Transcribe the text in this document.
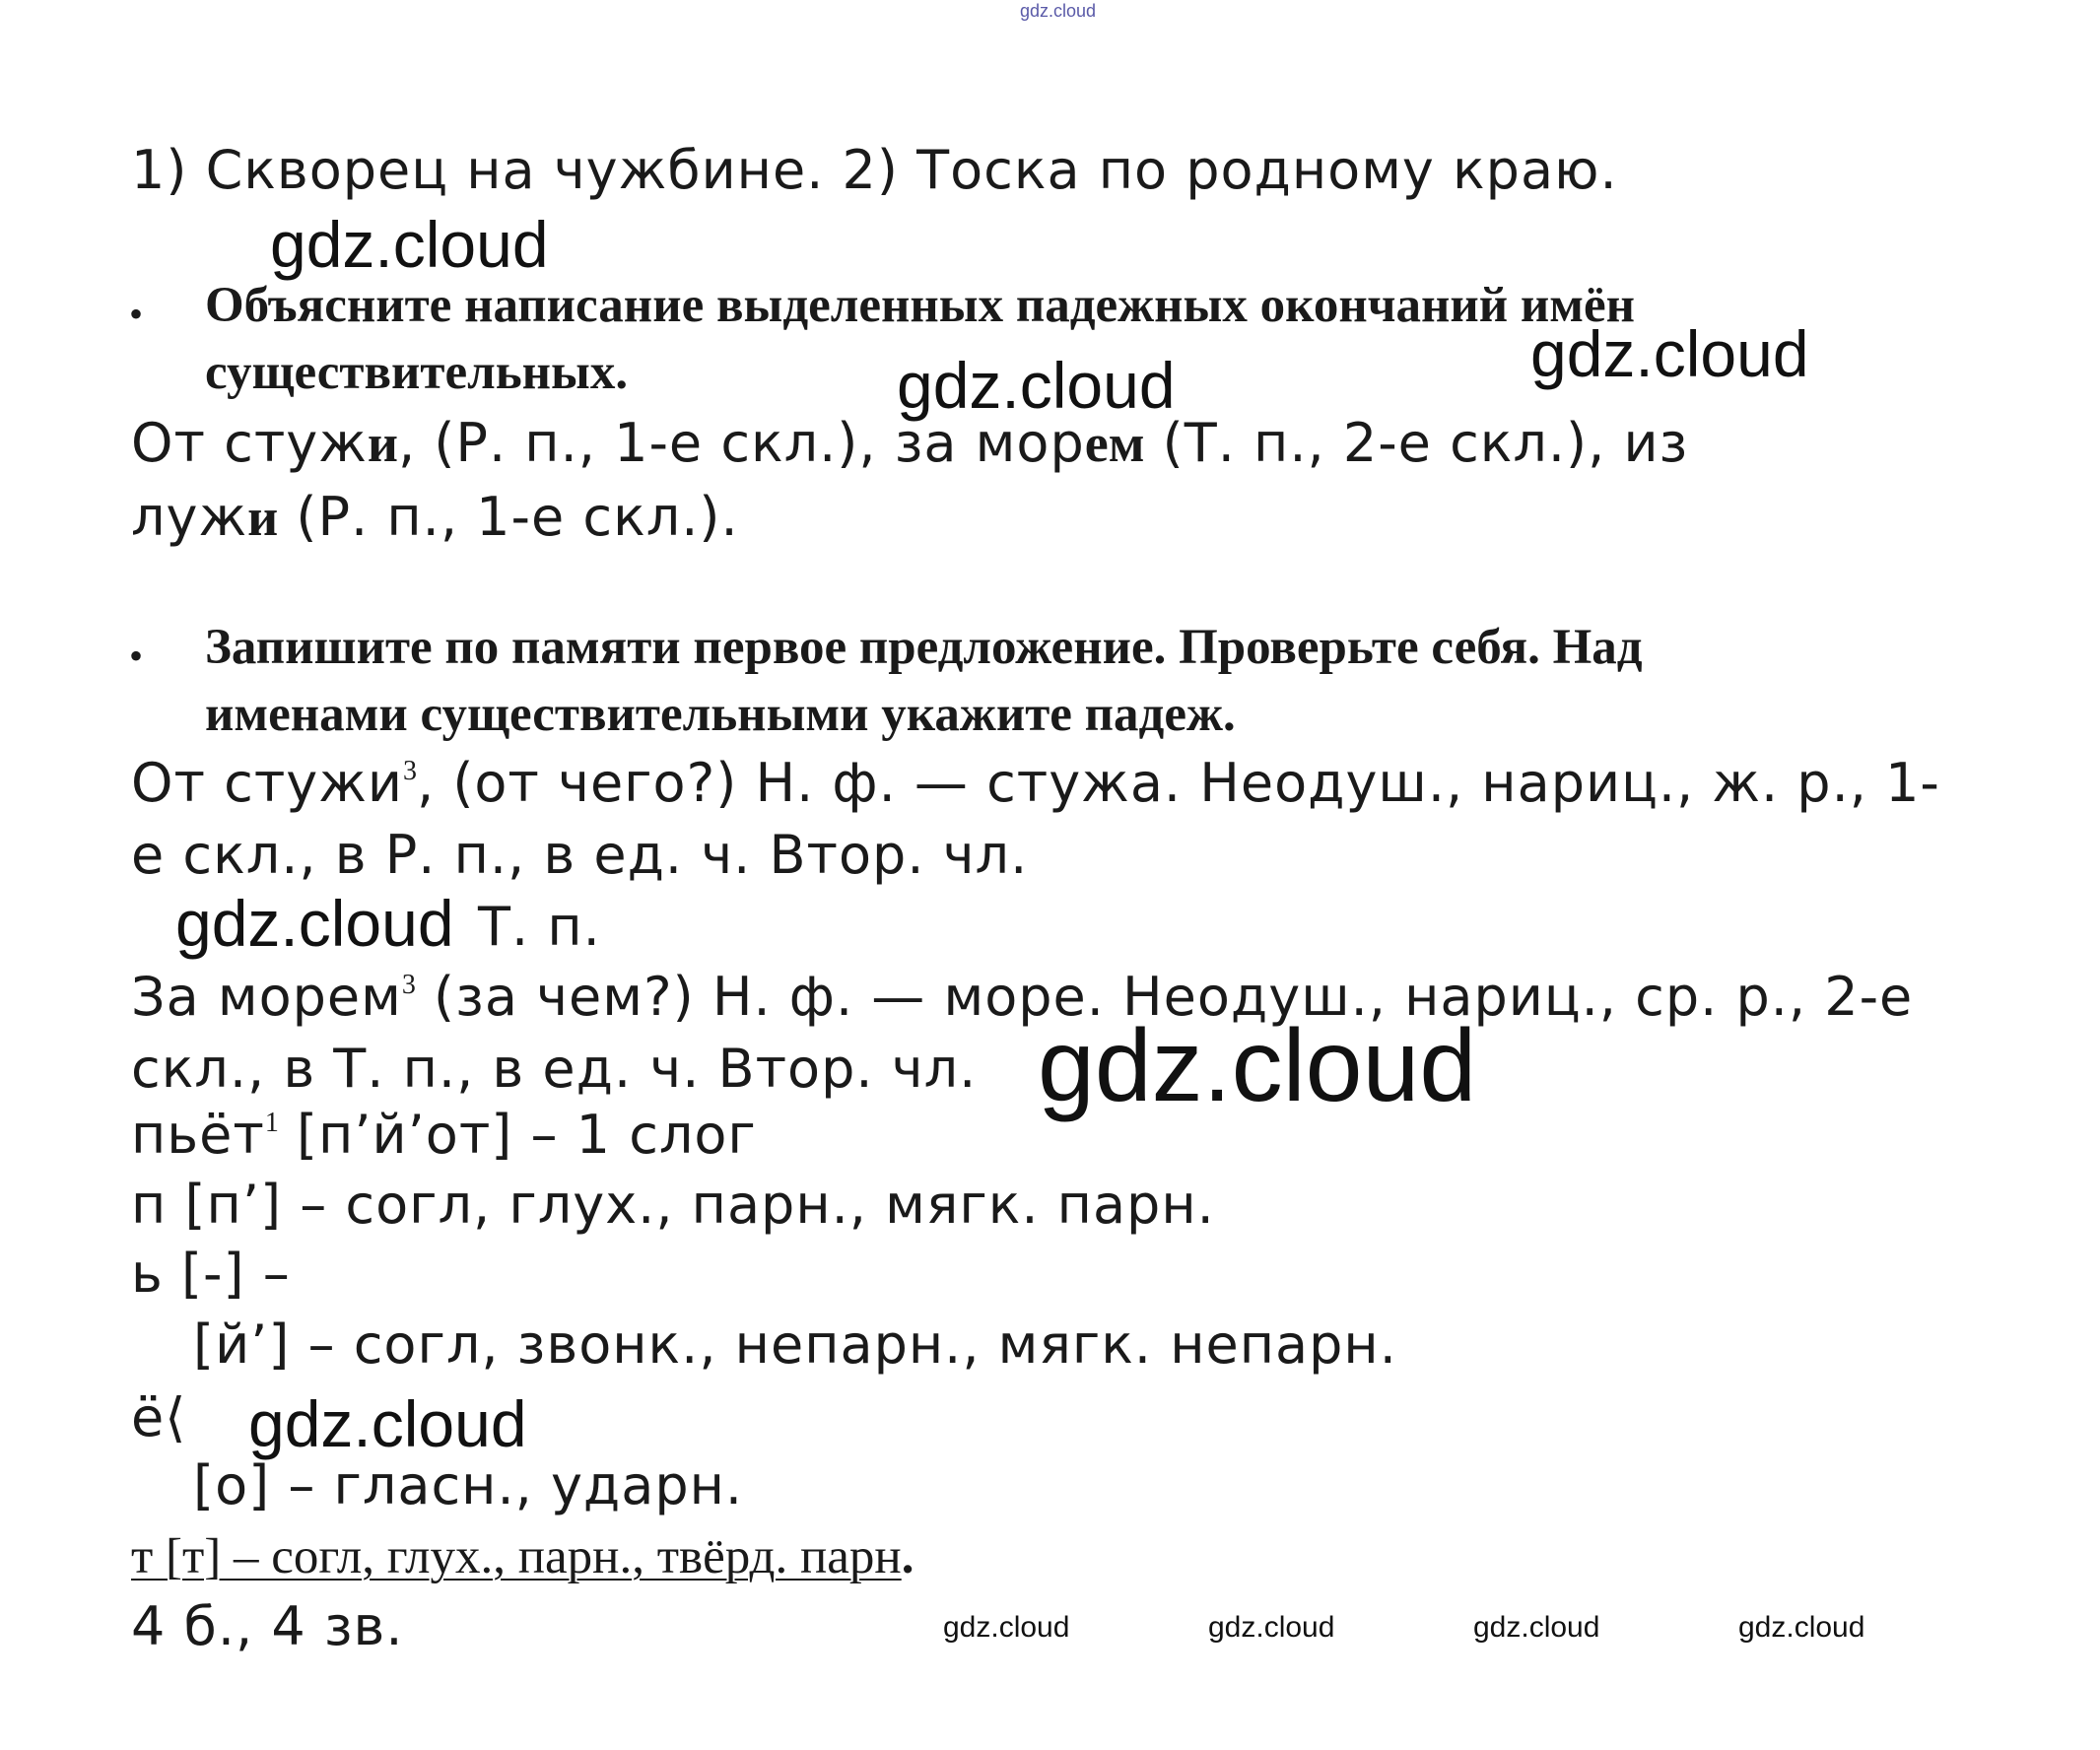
gdz.cloud
1) Скворец на чужбине. 2) Тоска по родному краю.
gdz.cloud
• Объясните написание выделенных падежных окончаний имён
существительных.	gdz.cloud
gdz.cloud
От стужи, (Р. п., 1-е скл.), за морем (Т. п., 2-е скл.), из
лужи (Р. п., 1-е скл.).
• Запишите по памяти первое предложение. Проверьте себя. Над
именами существительными укажите падеж.
От стужи$^3$, (от чего?) Н. ф. — стужа. Неодуш., нариц., ж. р., 1-
е скл., в Р. п., в ед. ч. Втор. чл.
gdz.cloud Т. п.
За морем$^3$ (за чем?) Н. ф. — море. Неодуш., нариц., ср. р., 2-е
скл., в Т. п., в ед. ч. Втор. чл. gdz.cloud
пьёт$^1$ [п’й’от] – 1 слог
п [п’] – согл, глух., парн., мягк. парн.
ь [-] –
[й’] – согл, звонк., непарн., мягк. непарн.
ё⟨ gdz.cloud
[о] – гласн., ударн.
т [т] – согл, глух., парн., твёрд. парн.
4 б., 4 зв.	gdz.cloud	gdz.cloud	gdz.cloud	gdz.cloud
